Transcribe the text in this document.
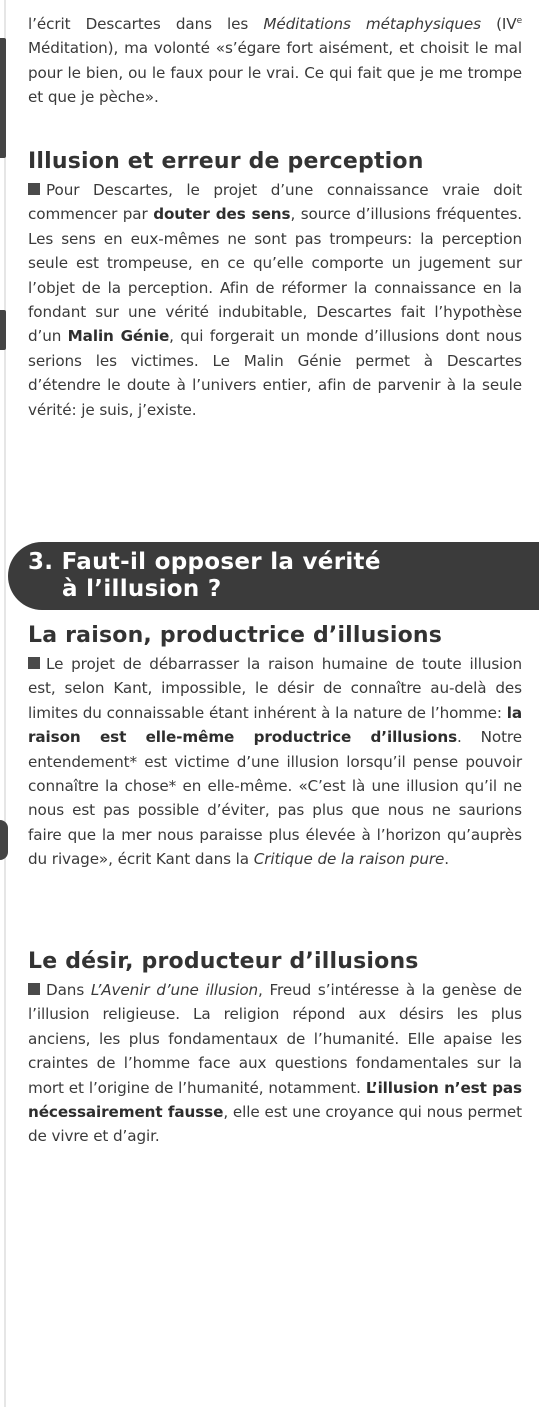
l’écrit Descartes dans les Méditations métaphysiques (IVe Méditation), ma volonté «s’égare fort aisément, et choisit le mal pour le bien, ou le faux pour le vrai. Ce qui fait que je me trompe et que je pèche».

Illusion et erreur de perception

Pour Descartes, le projet d’une connaissance vraie doit commencer par douter des sens, source d’illusions fréquentes. Les sens en eux-mêmes ne sont pas trompeurs: la perception seule est trompeuse, en ce qu’elle comporte un jugement sur l’objet de la perception. Afin de réformer la connaissance en la fondant sur une vérité indubitable, Descartes fait l’hypothèse d’un Malin Génie, qui forgerait un monde d’illusions dont nous serions les victimes. Le Malin Génie permet à Descartes d’étendre le doute à l’univers entier, afin de parvenir à la seule vérité: je suis, j’existe.

3. Faut-il opposer la vérité
à l’illusion ?
La raison, productrice d’illusions

Le projet de débarrasser la raison humaine de toute illusion est, selon Kant, impossible, le désir de connaître au-delà des limites du connaissable étant inhérent à la nature de l’homme: la raison est elle-même productrice d’illusions. Notre entendement* est victime d’une illusion lorsqu’il pense pouvoir connaître la chose* en elle-même. «C’est là une illusion qu’il ne nous est pas possible d’éviter, pas plus que nous ne saurions faire que la mer nous paraisse plus élevée à l’horizon qu’auprès du rivage», écrit Kant dans la Critique de la raison pure.

Le désir, producteur d’illusions

Dans L’Avenir d’une illusion, Freud s’intéresse à la genèse de l’illusion religieuse. La religion répond aux désirs les plus anciens, les plus fondamentaux de l’humanité. Elle apaise les craintes de l’homme face aux questions fondamentales sur la mort et l’origine de l’humanité, notamment. L’illusion n’est pas nécessairement fausse, elle est une croyance qui nous permet de vivre et d’agir.
